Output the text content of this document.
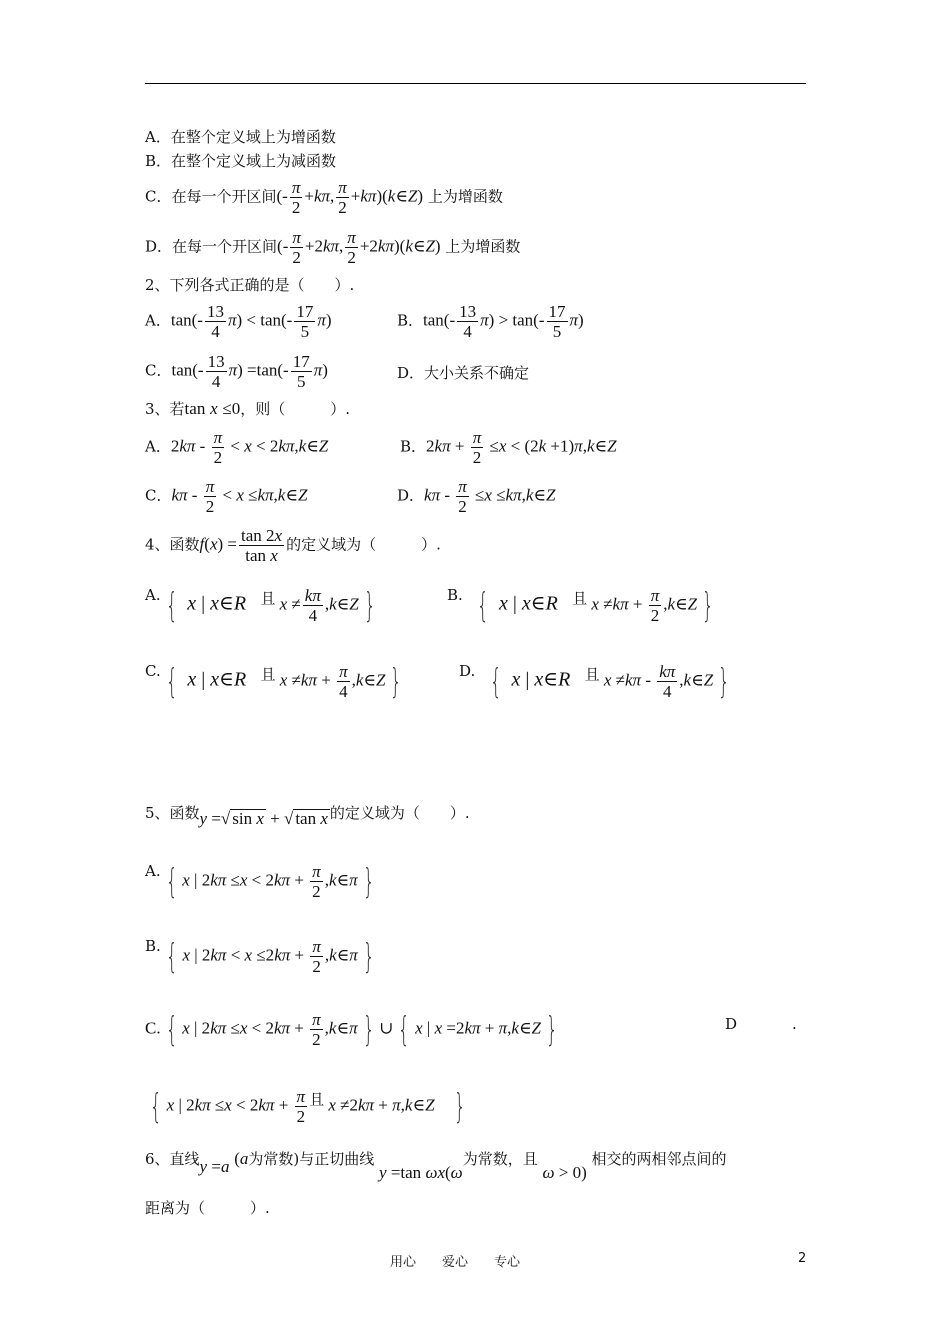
A．在整个定义域上为增函数
B．在整个定义域上为减函数
C．在每一个开区间(- $\frac{\pi}{2} +k\pi$, $\frac{\pi}{2}$ +kπ)(k∈Z) 上为增函数
D．在每一个开区间(- $\frac{\pi}{2} +2k\pi$, $\frac{\pi}{2}$ +2kπ)(k∈Z) 上为增函数
2、下列各式正确的是（　　）.
A．$\tan(- \frac{13}{4} \pi) < \tan(- \frac{17}{5} \pi)$	B．$\tan(- \frac{13}{4} \pi) > \tan(- \frac{17}{5} \pi)$
C．$\tan(- \frac{13}{4} \pi) =\tan(- \frac{17}{5} \pi)$	D．大小关系不确定
3、若tan x ≤0，则（　　　）.
A．$2k\pi - \frac{\pi}{2} < x$ < 2kπ,k∈Z	B．$2k\pi + \frac{\pi}{2} \le x < (2k$ +1)π,k∈Z
C．$k\pi - \frac{\pi}{2} < x$ ≤kπ,k∈Z	D．$k\pi - \frac{\pi}{2} \le x$ ≤kπ,k∈Z
4、函数$f(x) = \frac{\tan 2x}{\text{tan x}}$ 的定义域为（　　　）.
A. { x | x∈R 且 $x \ne \frac{k\pi}{4}$ ,k∈Z }	B. { x | x∈R 且 $x \ne k\pi + \frac{\pi}{2}$ ,k∈Z }
C. { x | x∈R 且 $x \ne k\pi + \frac{\pi}{4}$ ,k∈Z }	D. { x | x∈R 且 $x \ne k\pi - \frac{k\pi}{4}$ ,k∈Z }
5、函数y =√ sin x + √ tan x 的定义域为（　　）.
A. { x | $2k\pi \le x < 2k\pi + \frac{\pi}{2}$ ,k∈π }
B. { x | $2k\pi < x \le 2k\pi + \frac{\pi}{2}$ ,k∈π }
C. { x | $2k\pi \le x < 2k\pi + \frac{\pi}{2}$ ,k∈π } ∪ { x | x =2kπ + π,k∈Z }	D	.
{ x | $2k\pi \le x < 2k\pi + \frac{\pi}{2}$ 且 x ≠2kπ + π,k∈Z }
6、直线y =a (a为常数)与正切曲线 y =tan ωx(ω为常数，且 ω > 0) 相交的两相邻点间的
距离为（　　　）.
用心　　爱心　　专心	2
